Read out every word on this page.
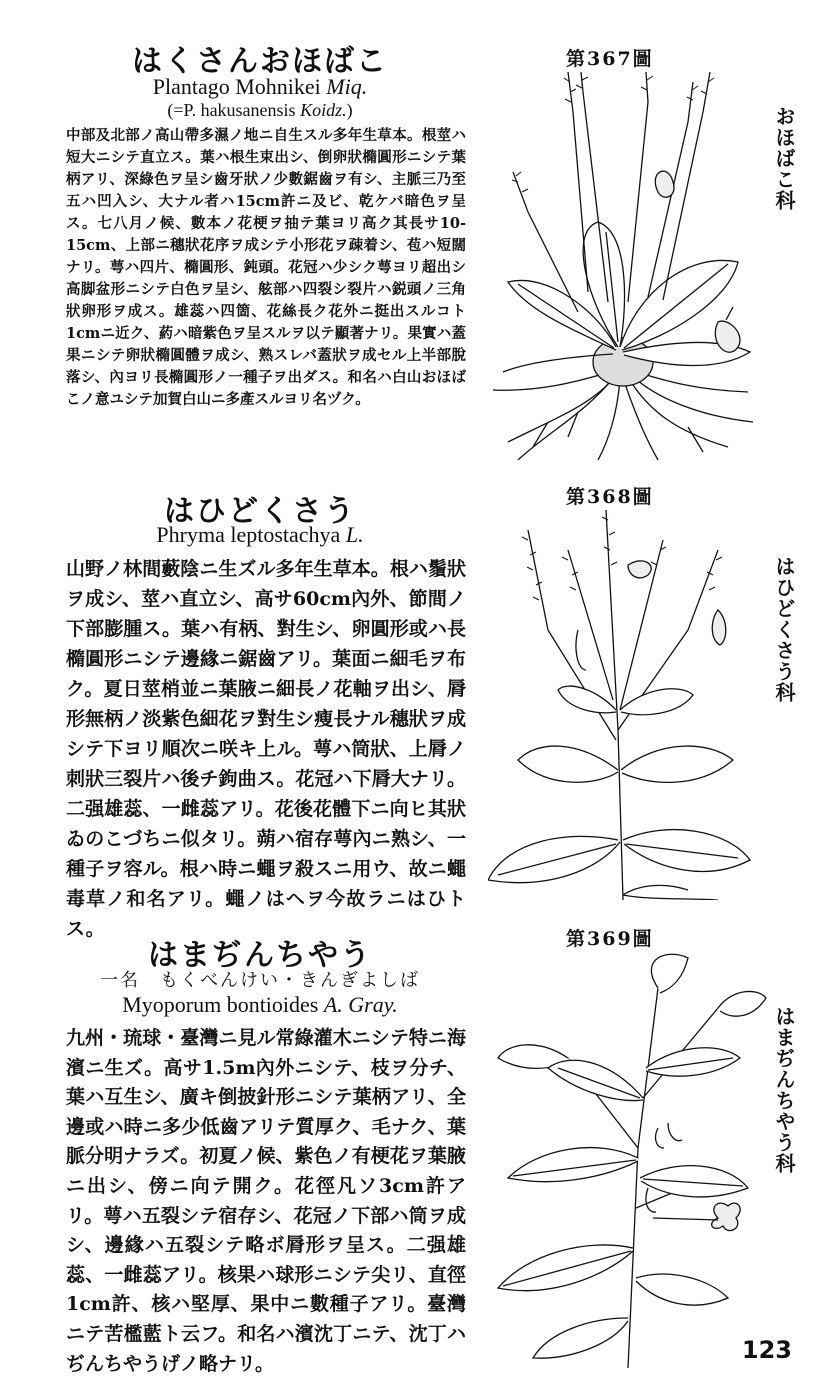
はくさんおほばこ
Plantago Mohnikei Miq.
(=P. hakusanensis Koidz.)
中部及北部ノ高山帶多濕ノ地ニ自生スル多年生草本。根莖ハ短大ニシテ直立ス。葉ハ根生束出シ、倒卵狀橢圓形ニシテ葉柄アリ、深綠色ヲ呈シ齒牙狀ノ少數鋸齒ヲ有シ、主脈三乃至五ハ凹入シ、大ナル者ハ15cm許ニ及ビ、乾ケバ暗色ヲ呈ス。七八月ノ候、數本ノ花梗ヲ抽テ葉ヨリ高ク其長サ10-15cm、上部ニ穗狀花序ヲ成シテ小形花ヲ疎着シ、苞ハ短闊ナリ。萼ハ四片、橢圓形、鈍頭。花冠ハ少シク萼ヨリ超出シ高脚盆形ニシテ白色ヲ呈シ、舷部ハ四裂シ裂片ハ鋭頭ノ三角狀卵形ヲ成ス。雄蕊ハ四箇、花絲長ク花外ニ挺出スルコト1cmニ近ク、葯ハ暗紫色ヲ呈スルヲ以テ顯著ナリ。果實ハ蓋果ニシテ卵狀橢圓體ヲ成シ、熟スレバ蓋狀ヲ成セル上半部脫落シ、內ヨリ長橢圓形ノ一種子ヲ出ダス。和名ハ白山おほばこノ意ユシテ加賀白山ニ多產スルヨリ名ヅク。
第367圖
おほばこ科
はひどくさう
Phryma leptostachya L.
山野ノ林間藪陰ニ生ズル多年生草本。根ハ鬚狀ヲ成シ、莖ハ直立シ、高サ60cm內外、節間ノ下部膨腫ス。葉ハ有柄、對生シ、卵圓形或ハ長橢圓形ニシテ邊緣ニ鋸齒アリ。葉面ニ細毛ヲ布ク。夏日莖梢並ニ葉腋ニ細長ノ花軸ヲ出シ、脣形無柄ノ淡紫色細花ヲ對生シ瘦長ナル穗狀ヲ成シテ下ヨリ順次ニ咲キ上ル。萼ハ筒狀、上脣ノ刺狀三裂片ハ後チ鉤曲ス。花冠ハ下脣大ナリ。二强雄蕊、一雌蕊アリ。花後花體下ニ向ヒ其狀ゐのこづちニ似タリ。蒴ハ宿存萼內ニ熟シ、一種子ヲ容ル。根ハ時ニ蠅ヲ殺スニ用ウ、故ニ蠅毒草ノ和名アリ。蠅ノはヘヲ今故ラニはひトス。
第368圖
はひどくさう科
はまぢんちやう
一名　もくべんけい・きんぎよしば
Myoporum bontioides A. Gray.
九州・琉球・臺灣ニ見ル常綠灌木ニシテ特ニ海濱ニ生ズ。高サ1.5m內外ニシテ、枝ヲ分チ、葉ハ互生シ、廣キ倒披針形ニシテ葉柄アリ、全邊或ハ時ニ多少低齒アリテ質厚ク、毛ナク、葉脈分明ナラズ。初夏ノ候、紫色ノ有梗花ヲ葉腋ニ出シ、傍ニ向テ開ク。花徑凡ソ3cm許アリ。萼ハ五裂シテ宿存シ、花冠ノ下部ハ筒ヲ成シ、邊緣ハ五裂シテ略ボ脣形ヲ呈ス。二强雄蕊、一雌蕊アリ。核果ハ球形ニシテ尖リ、直徑1cm許、核ハ堅厚、果中ニ數種子アリ。臺灣ニテ苦檻藍ト云フ。和名ハ濱沈丁ニテ、沈丁ハぢんちやうげノ略ナリ。
第369圖
はまぢんちやう科
123
